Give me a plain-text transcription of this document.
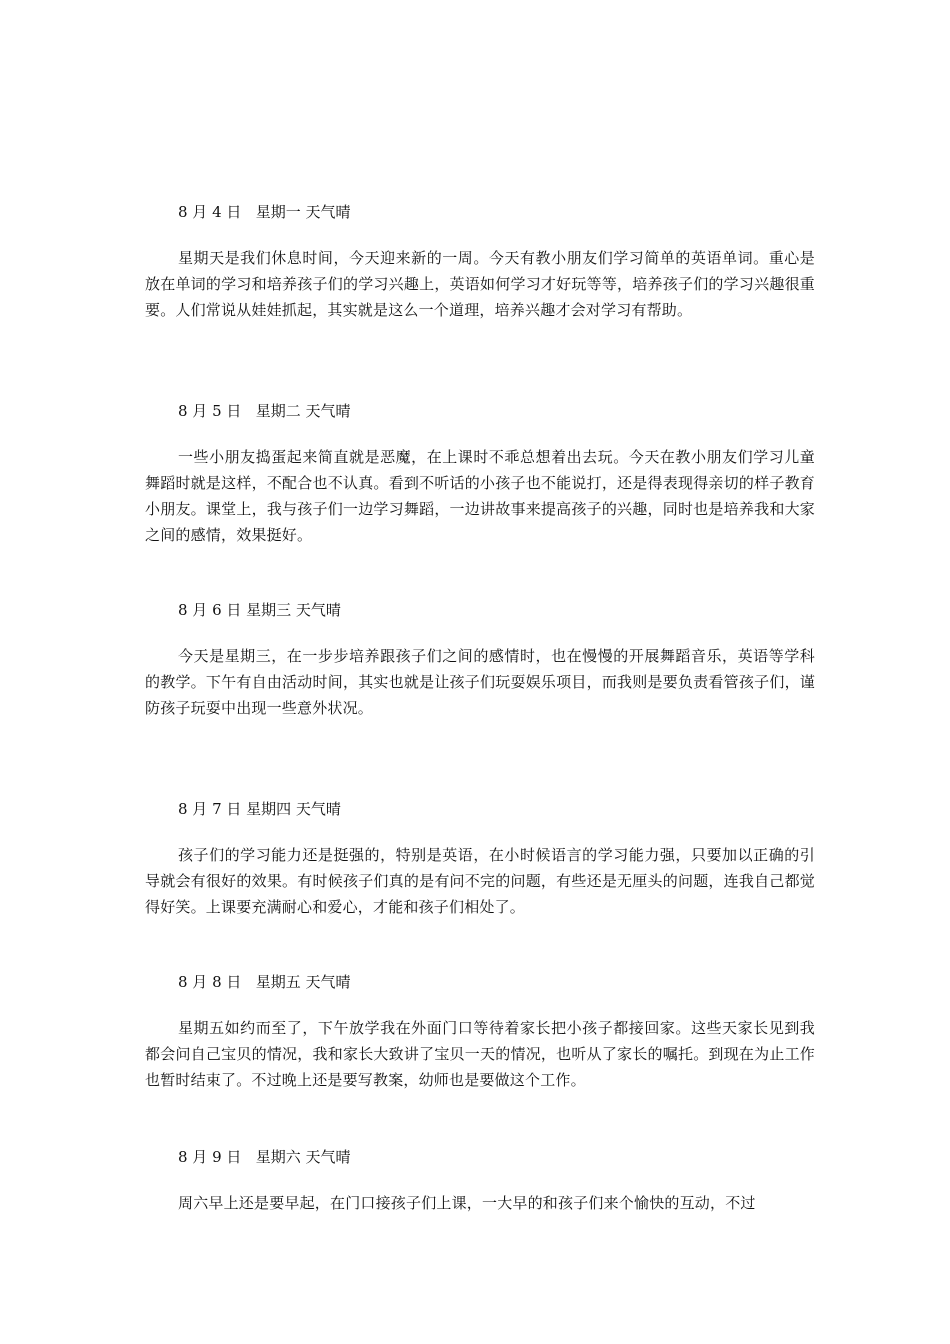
8 月 4 日   星期一 天气晴

星期天是我们休息时间，今天迎来新的一周。今天有教小朋友们学习简单的英语单词。重心是放在单词的学习和培养孩子们的学习兴趣上，英语如何学习才好玩等等，培养孩子们的学习兴趣很重要。人们常说从娃娃抓起，其实就是这么一个道理，培养兴趣才会对学习有帮助。

8 月 5 日   星期二 天气晴

一些小朋友捣蛋起来简直就是恶魔，在上课时不乖总想着出去玩。今天在教小朋友们学习儿童舞蹈时就是这样，不配合也不认真。看到不听话的小孩子也不能说打，还是得表现得亲切的样子教育小朋友。课堂上，我与孩子们一边学习舞蹈，一边讲故事来提高孩子的兴趣，同时也是培养我和大家之间的感情，效果挺好。

8 月 6 日 星期三 天气晴

今天是星期三，在一步步培养跟孩子们之间的感情时，也在慢慢的开展舞蹈音乐，英语等学科的教学。下午有自由活动时间，其实也就是让孩子们玩耍娱乐项目，而我则是要负责看管孩子们，谨防孩子玩耍中出现一些意外状况。

8 月 7 日 星期四 天气晴

孩子们的学习能力还是挺强的，特别是英语，在小时候语言的学习能力强，只要加以正确的引导就会有很好的效果。有时候孩子们真的是有问不完的问题，有些还是无厘头的问题，连我自己都觉得好笑。上课要充满耐心和爱心，才能和孩子们相处了。

8 月 8 日   星期五 天气晴

星期五如约而至了，下午放学我在外面门口等待着家长把小孩子都接回家。这些天家长见到我都会问自己宝贝的情况，我和家长大致讲了宝贝一天的情况，也听从了家长的嘱托。到现在为止工作也暂时结束了。不过晚上还是要写教案，幼师也是要做这个工作。

8 月 9 日   星期六 天气晴

周六早上还是要早起，在门口接孩子们上课，一大早的和孩子们来个愉快的互动，不过
